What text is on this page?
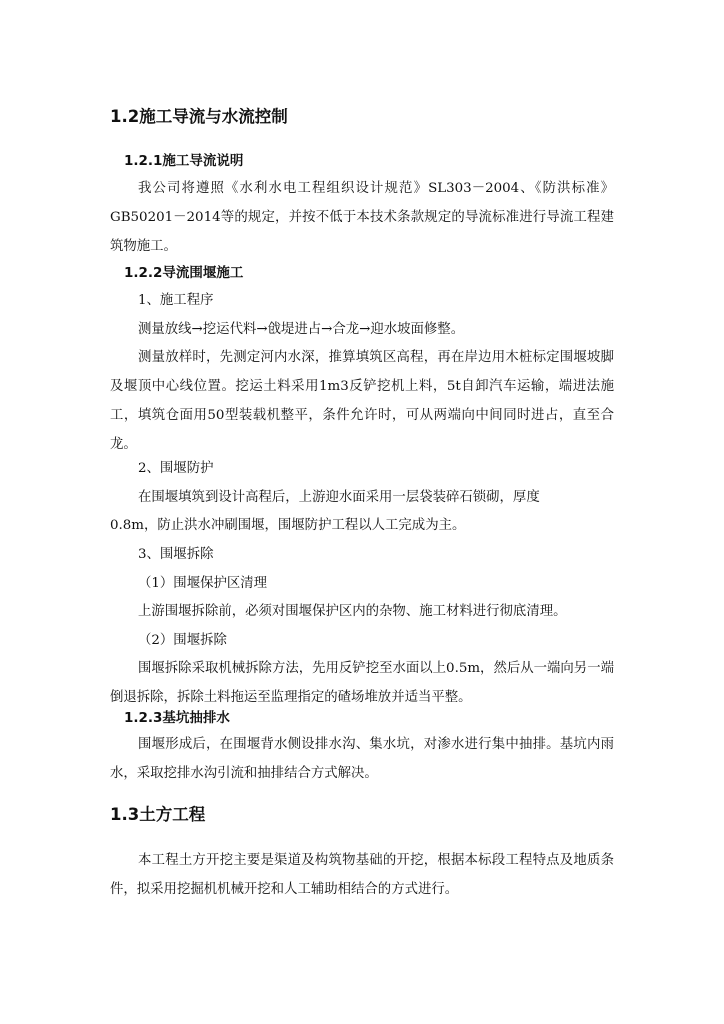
1.2施工导流与水流控制
1.2.1施工导流说明

我公司将遵照《水利水电工程组织设计规范》SL303－2004、《防洪标准》GB50201－2014等的规定，并按不低于本技术条款规定的导流标准进行导流工程建筑物施工。

1.2.2导流围堰施工
1、施工程序
测量放线→挖运代料→戗堤进占→合龙→迎水坡面修整。

测量放样时，先测定河内水深，推算填筑区高程，再在岸边用木桩标定围堰坡脚及堰顶中心线位置。挖运土料采用1m3反铲挖机上料，5t自卸汽车运输，端进法施工，填筑仓面用50型装载机整平，条件允许时，可从两端向中间同时进占，直至合龙。

2、围堰防护
在围堰填筑到设计高程后，上游迎水面采用一层袋装碎石锁砌，厚度
0.8m，防止洪水冲刷围堰，围堰防护工程以人工完成为主。
3、围堰拆除
（1）围堰保护区清理
上游围堰拆除前，必须对围堰保护区内的杂物、施工材料进行彻底清理。
（2）围堰拆除

围堰拆除采取机械拆除方法，先用反铲挖至水面以上0.5m，然后从一端向另一端倒退拆除，拆除土料拖运至监理指定的碴场堆放并适当平整。

1.2.3基坑抽排水

围堰形成后，在围堰背水侧设排水沟、集水坑，对渗水进行集中抽排。基坑内雨水，采取挖排水沟引流和抽排结合方式解决。

1.3土方工程

本工程土方开挖主要是渠道及构筑物基础的开挖，根据本标段工程特点及地质条件，拟采用挖掘机机械开挖和人工辅助相结合的方式进行。
